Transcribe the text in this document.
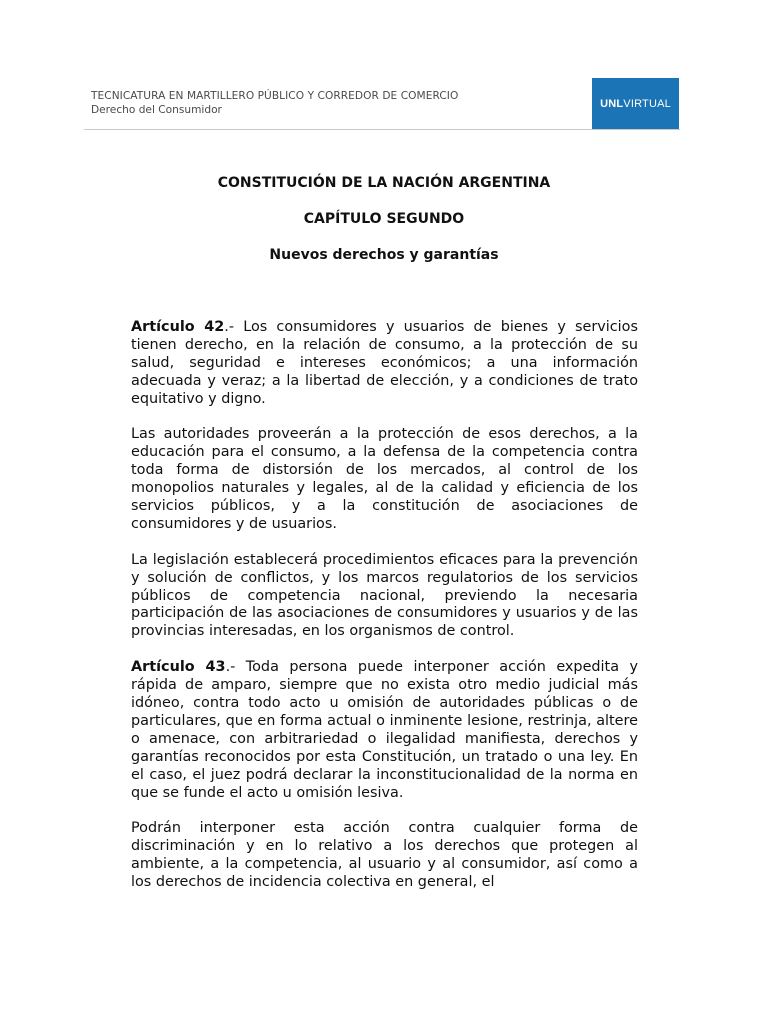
TECNICATURA EN MARTILLERO PÚBLICO Y CORREDOR DE COMERCIO
Derecho del Consumidor
UNL VIRTUAL
CONSTITUCIÓN DE LA NACIÓN ARGENTINA
CAPÍTULO SEGUNDO
Nuevos derechos y garantías

Artículo 42.- Los consumidores y usuarios de bienes y servicios tienen derecho, en la relación de consumo, a la protección de su salud, seguridad e intereses económicos; a una información adecuada y veraz; a la libertad de elección, y a condiciones de trato equitativo y digno.

Las autoridades proveerán a la protección de esos derechos, a la educación para el consumo, a la defensa de la competencia contra toda forma de distorsión de los mercados, al control de los monopolios naturales y legales, al de la calidad y eficiencia de los servicios públicos, y a la constitución de asociaciones de consumidores y de usuarios.

La legislación establecerá procedimientos eficaces para la prevención y solución de conflictos, y los marcos regulatorios de los servicios públicos de competencia nacional, previendo la necesaria participación de las asociaciones de consumidores y usuarios y de las provincias interesadas, en los organismos de control.

Artículo 43.- Toda persona puede interponer acción expedita y rápida de amparo, siempre que no exista otro medio judicial más idóneo, contra todo acto u omisión de autoridades públicas o de particulares, que en forma actual o inminente lesione, restrinja, altere o amenace, con arbitrariedad o ilegalidad manifiesta, derechos y garantías reconocidos por esta Constitución, un tratado o una ley. En el caso, el juez podrá declarar la inconstitucionalidad de la norma en que se funde el acto u omisión lesiva.

Podrán interponer esta acción contra cualquier forma de discriminación y en lo relativo a los derechos que protegen al ambiente, a la competencia, al usuario y al consumidor, así como a los derechos de incidencia colectiva en general, el
